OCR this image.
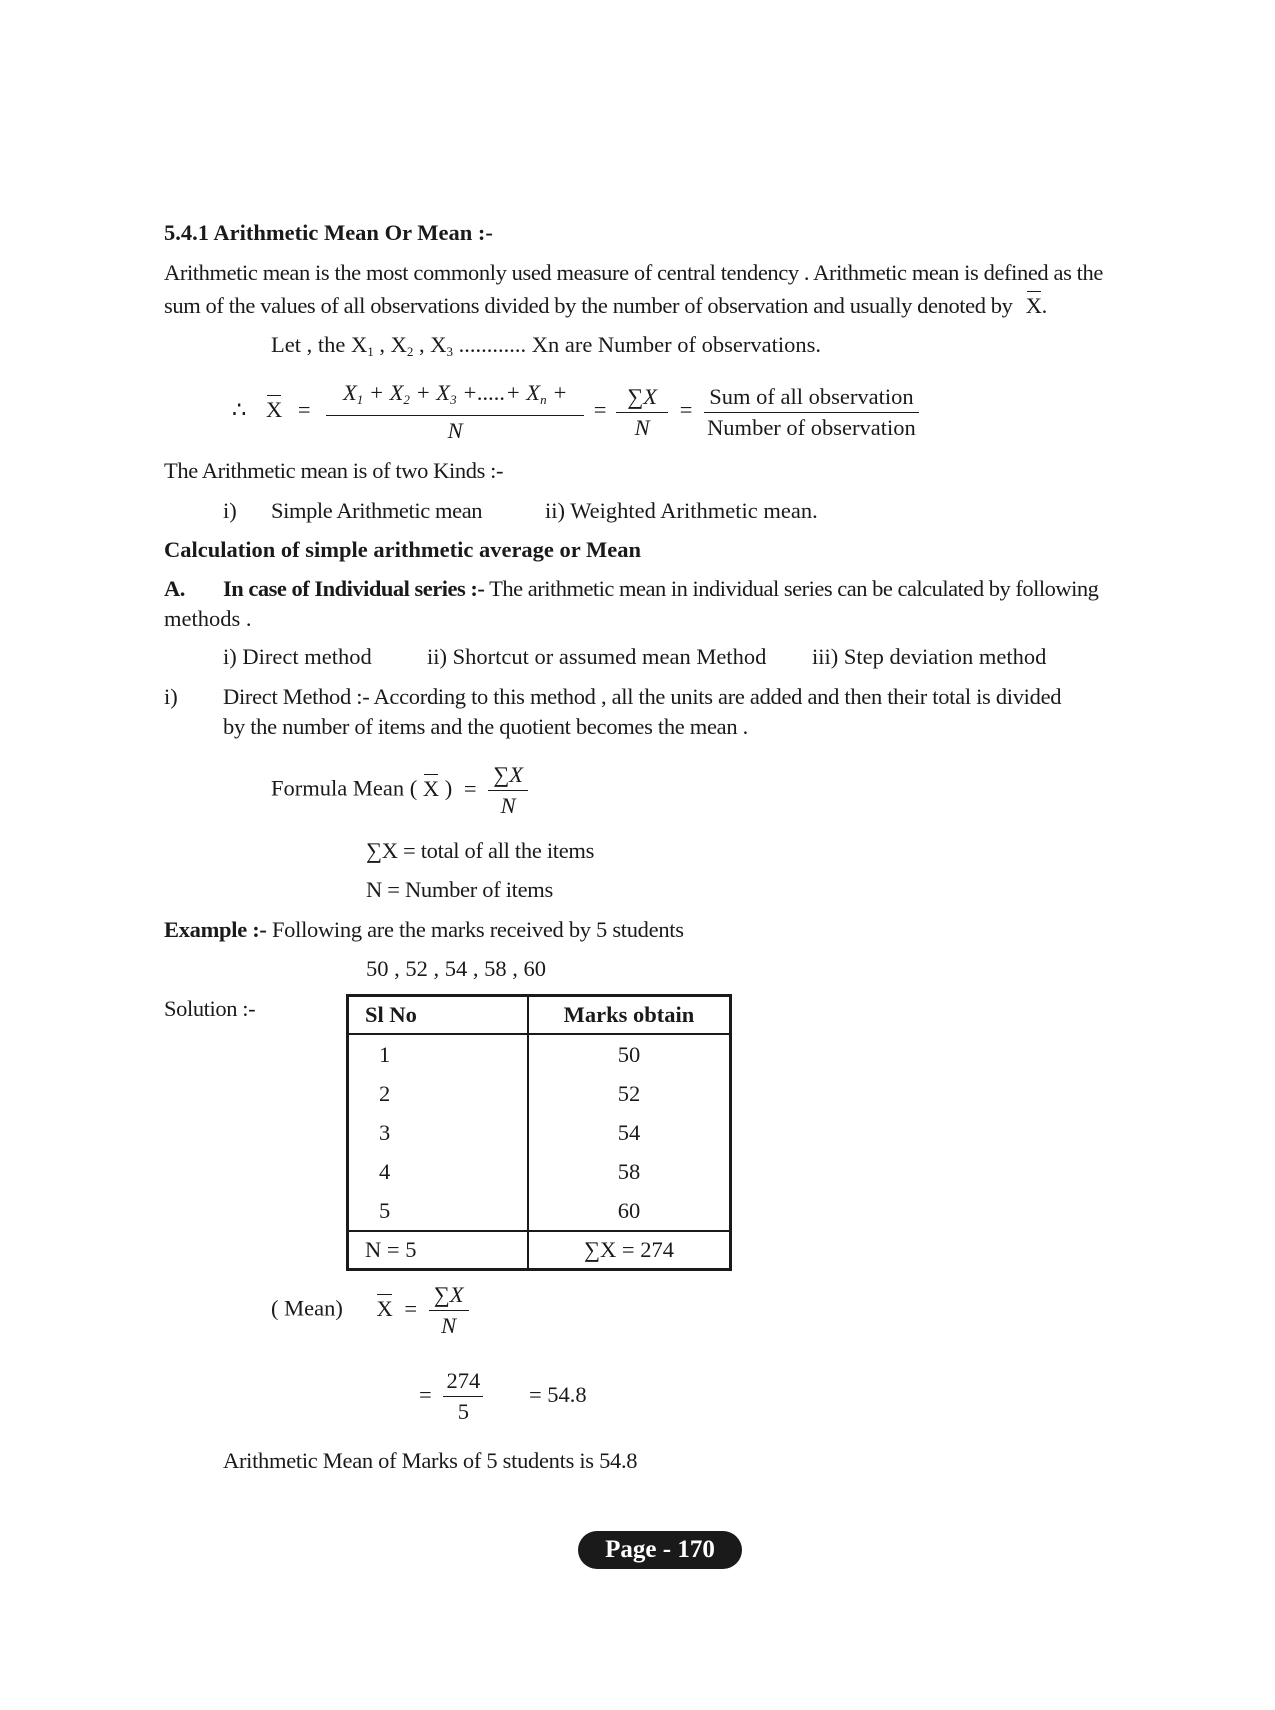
5.4.1 Arithmetic Mean Or Mean :-
Arithmetic mean is the most commonly used measure of central tendency . Arithmetic mean is defined as the
sum of the values of all observations divided by the number of observation and usually denoted by X.
Let , the $X_1$ , $X_2$ , $X_3$ ............ Xn are Number of observations.
∴ $X = \frac{X_1 + X_2 + X_3 +.....+ X_n +}{N} = \frac{\sum X}{N} = \frac{\text{Sum of all observation}}{\text{Number of observation}}$
The Arithmetic mean is of two Kinds :-
i) Simple Arithmetic mean	ii) Weighted Arithmetic mean.
Calculation of simple arithmetic average or Mean
A. In case of Individual series :- The arithmetic mean in individual series can be calculated by following
methods .
i) Direct method ii) Shortcut or assumed mean Method iii) Step deviation method
i) Direct Method :- According to this method , all the units are added and then their total is divided
by the number of items and the quotient becomes the mean .
Formula Mean ( X ) = $\frac{\sum X}{N}$
∑X = total of all the items
N = Number of items
Example :- Following are the marks received by 5 students
50 , 52 , 54 , 58 , 60
Solution :-	Sl No	Marks obtain
1	50
2	52
3	54
4	58
5	60
N = 5	∑X = 274
( Mean) $X = \frac{\sum X}{N}$
= $\frac{274}{5} = 54.8$
Arithmetic Mean of Marks of 5 students is 54.8
Page - 170
